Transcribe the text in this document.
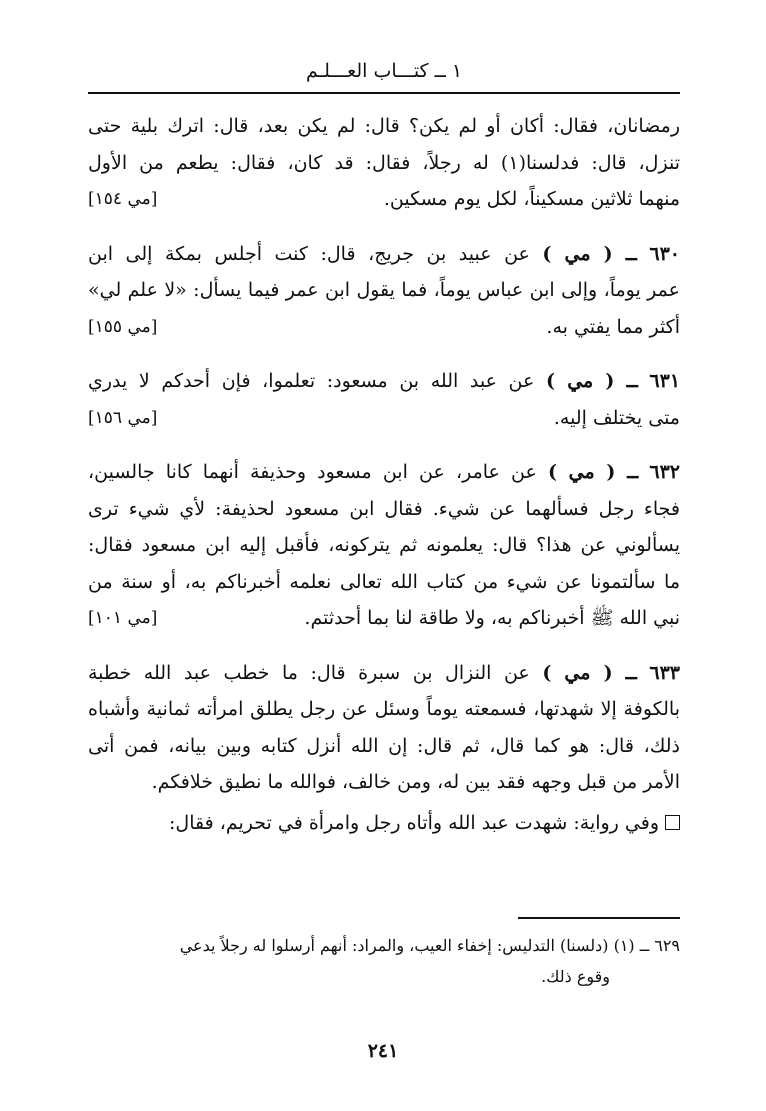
١ ــ كتـــاب العـــلـم
رمضانان، فقال: أكان أو لم يكن؟ قال: لم يكن بعد، قال: اترك بلية حتى
تنزل، قال: فدلسنا(١) له رجلاً، فقال: قد كان، فقال: يطعم من الأول
منهما ثلاثين مسكيناً، لكل يوم مسكين.
[مي ١٥٤]
٦٣٠ ــ ( مي ) عن عبيد بن جريج، قال: كنت أجلس بمكة إلى ابن
عمر يوماً، وإلى ابن عباس يوماً، فما يقول ابن عمر فيما يسأل: «لا علم لي»
أكثر مما يفتي به.
[مي ١٥٥]
٦٣١ ــ ( مي ) عن عبد الله بن مسعود: تعلموا، فإن أحدكم لا يدري
متى يختلف إليه.
[مي ١٥٦]
٦٣٢ ــ ( مي ) عن عامر، عن ابن مسعود وحذيفة أنهما كانا جالسين،
فجاء رجل فسألهما عن شيء. فقال ابن مسعود لحذيفة: لأي شيء ترى
يسألوني عن هذا؟ قال: يعلمونه ثم يتركونه، فأقبل إليه ابن مسعود فقال:
ما سألتمونا عن شيء من كتاب الله تعالى نعلمه أخبرناكم به، أو سنة من
نبي الله ﷺ أخبرناكم به، ولا طاقة لنا بما أحدثتم.
[مي ١٠١]
٦٣٣ ــ ( مي ) عن النزال بن سبرة قال: ما خطب عبد الله خطبة
بالكوفة إلا شهدتها، فسمعته يوماً وسئل عن رجل يطلق امرأته ثمانية وأشباه
ذلك، قال: هو كما قال، ثم قال: إن الله أنزل كتابه وبين بيانه، فمن أتى
الأمر من قبل وجهه فقد بين له، ومن خالف، فوالله ما نطيق خلافكم.
وفي رواية: شهدت عبد الله وأتاه رجل وامرأة في تحريم، فقال:
٦٢٩ ــ (١) (دلسنا) التدليس: إخفاء العيب، والمراد: أنهم أرسلوا له رجلاً يدعي
وقوع ذلك.
٢٤١
